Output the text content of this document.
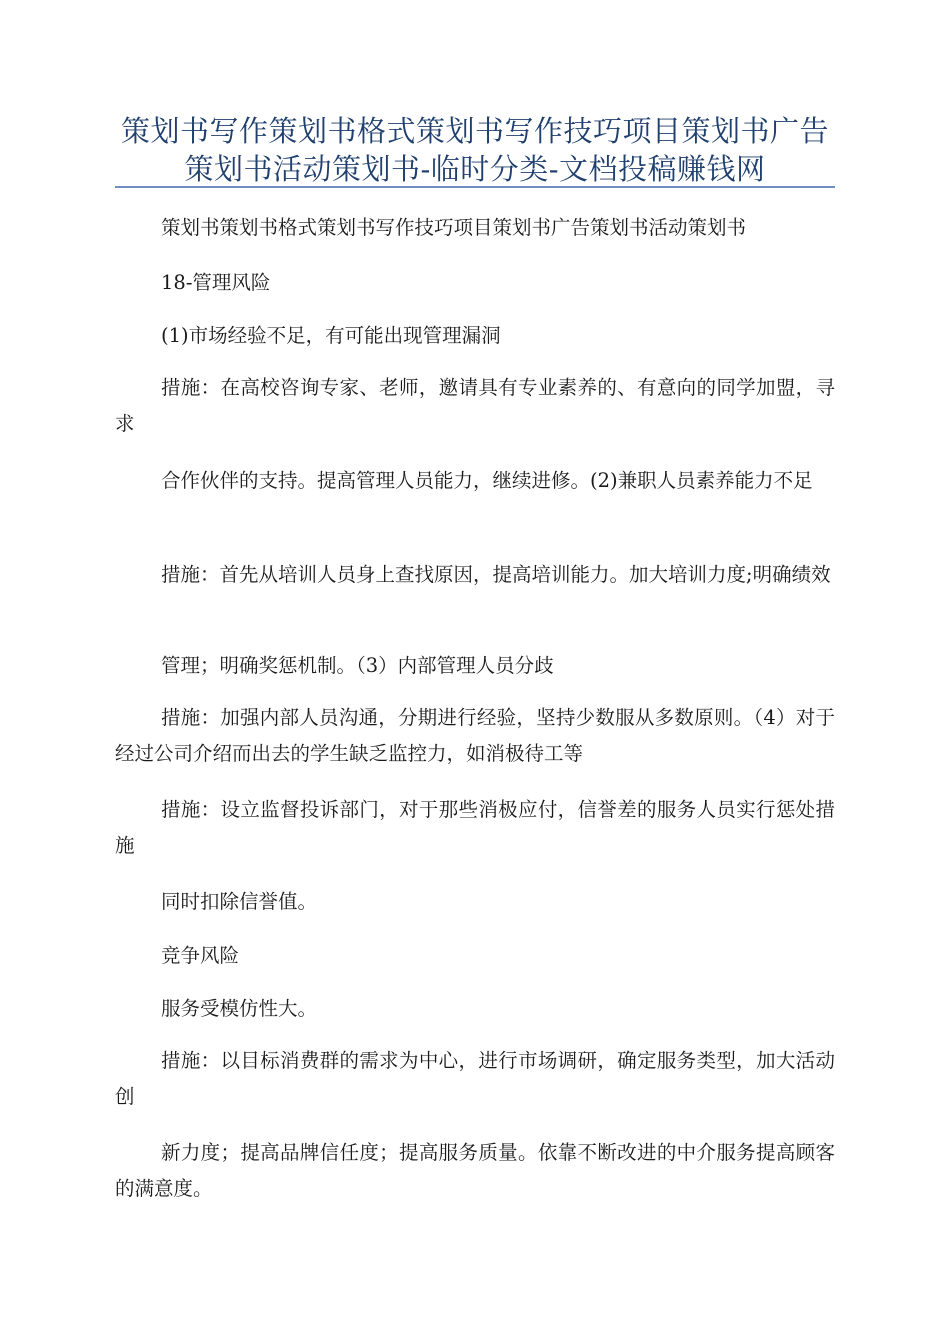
策划书写作策划书格式策划书写作技巧项目策划书广告策划书活动策划书-临时分类-文档投稿赚钱网

策划书策划书格式策划书写作技巧项目策划书广告策划书活动策划书

18-管理风险

(1)市场经验不足，有可能出现管理漏洞

措施：在高校咨询专家、老师，邀请具有专业素养的、有意向的同学加盟，寻求

合作伙伴的支持。提高管理人员能力，继续进修。(2)兼职人员素养能力不足

措施：首先从培训人员身上查找原因，提高培训能力。加大培训力度;明确绩效

管理；明确奖惩机制。（3）内部管理人员分歧

措施：加强内部人员沟通，分期进行经验，坚持少数服从多数原则。（4）对于经过公司介绍而出去的学生缺乏监控力，如消极待工等

措施：设立监督投诉部门，对于那些消极应付，信誉差的服务人员实行惩处措施

同时扣除信誉值。

竞争风险

服务受模仿性大。

措施：以目标消费群的需求为中心，进行市场调研，确定服务类型，加大活动创

新力度；提高品牌信任度；提高服务质量。依靠不断改进的中介服务提高顾客的满意度。
